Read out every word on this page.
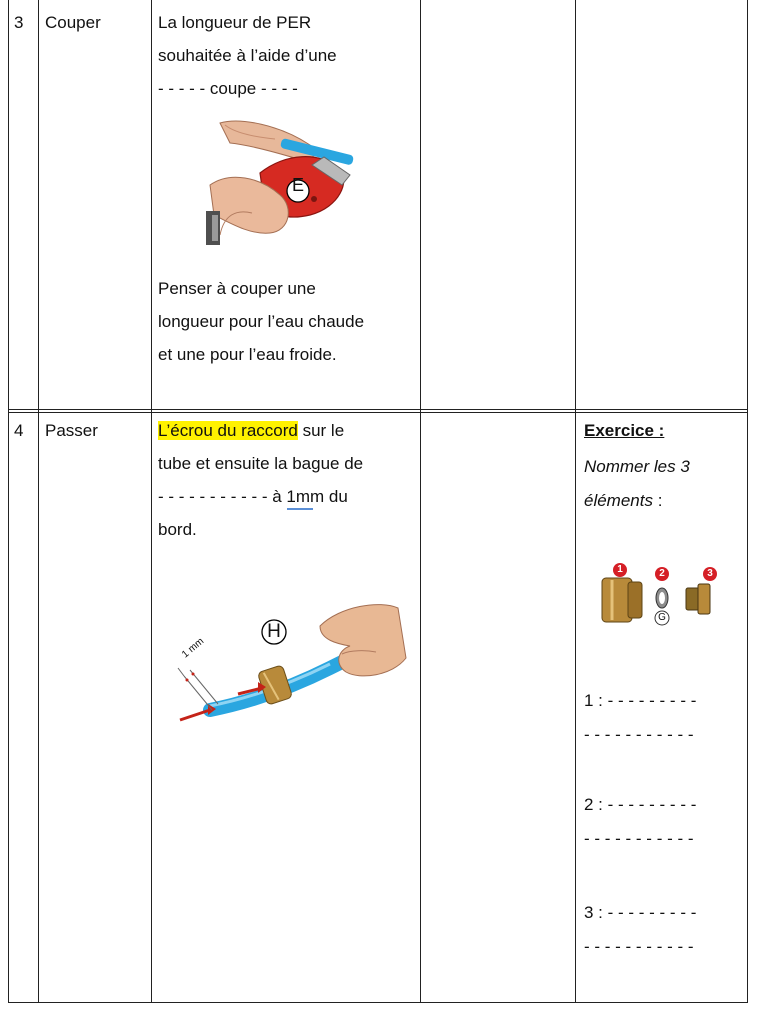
3 Couper	La longueur de PER
souhaitée à l’aide d’une
- - - - - coupe - - - -
E
Penser à couper une
longueur pour l’eau chaude
et une pour l’eau froide.
4 Passer	L’écrou du raccord sur le
tube et ensuite la bague de
- - - - - - - - - - - à 1mm du
bord.
H
1 mm
Exercice :
Nommer les 3
éléments :
1	2	3
G
1 : - - - - - - - - -
- - - - - - - - - - -
2 : - - - - - - - - -
- - - - - - - - - - -
3 : - - - - - - - - -
- - - - - - - - - - -
